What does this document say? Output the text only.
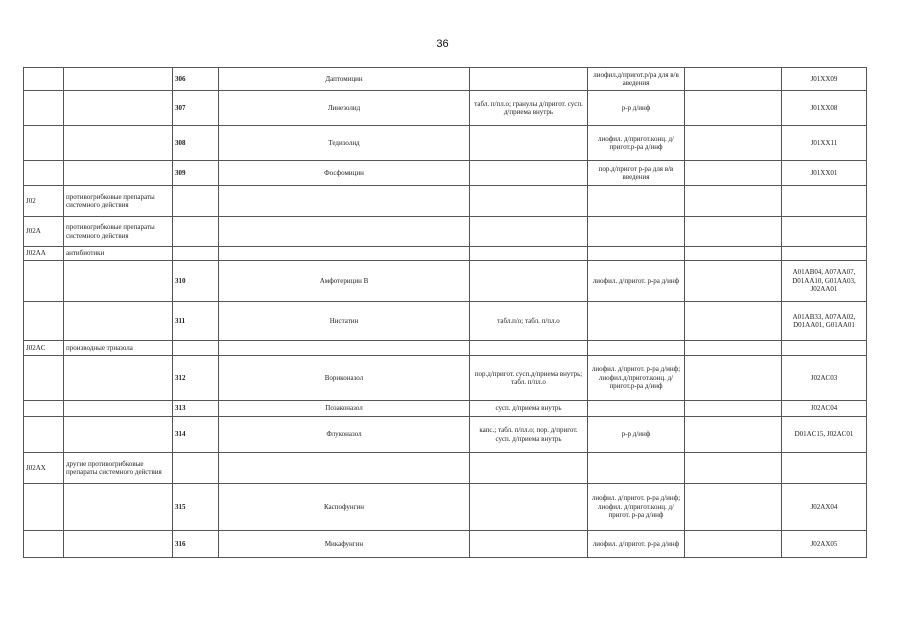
36
		306	Даптомицин		лиофил.д/пригот.р/ра для в/в аведения		J01XX09
		307	Линезолид	табл. п/пл.о; гранулы д/пригот. суcп. д/приема внутрь	р-р д/инф		J01XX08
		308	Тедизолид		лиофил. д/пригот.конц. д/пригот.р-ра д/инф		J01XX11
		309	Фосфомицин		пор.д/пригот р-ра для в/в введения		J01XX01
J02	противогрибковые препараты системного действия						
J02A	противогрибковые препараты системного действия						
J02AA	антибиотики						
		310	Амфотерицин В		лиофил. д/пригот. р-ра д/инф		A01AB04, A07AA07, D01AA10, G01AA03, J02AA01
		311	Нистатин	табл.п/о; табл. п/пл.о			A01AB33, A07AA02, D01AA01, G01AA01
J02AC	производные триазола						
		312	Вориконазол	пор.д/пригот. сусп.д/приема внутрь; табл. п/пл.о	лиофил. д/пригот. р-ра д/инф; лиофил.д/пригот.конц. д/пригот.р-ра д/инф		J02AC03
		313	Позаконазол	сусп. д/приема внутрь			J02AC04
		314	Флуконазол	капс.; табл. п/пл.о; пор. д/пригот. сусп. д/приема внутрь	р-р д/инф		D01AC15, J02AC01
J02AX	другие противогрибковые препараты системного действия						
		315	Каспофунгин		лиофил. д/пригот. р-ра д/инф; лиофил. д/пригот.конц. д/пригот. р-ра д/инф		J02AX04
		316	Микафунгин		лиофил. д/пригот. р-ра д/инф		J02AX05
